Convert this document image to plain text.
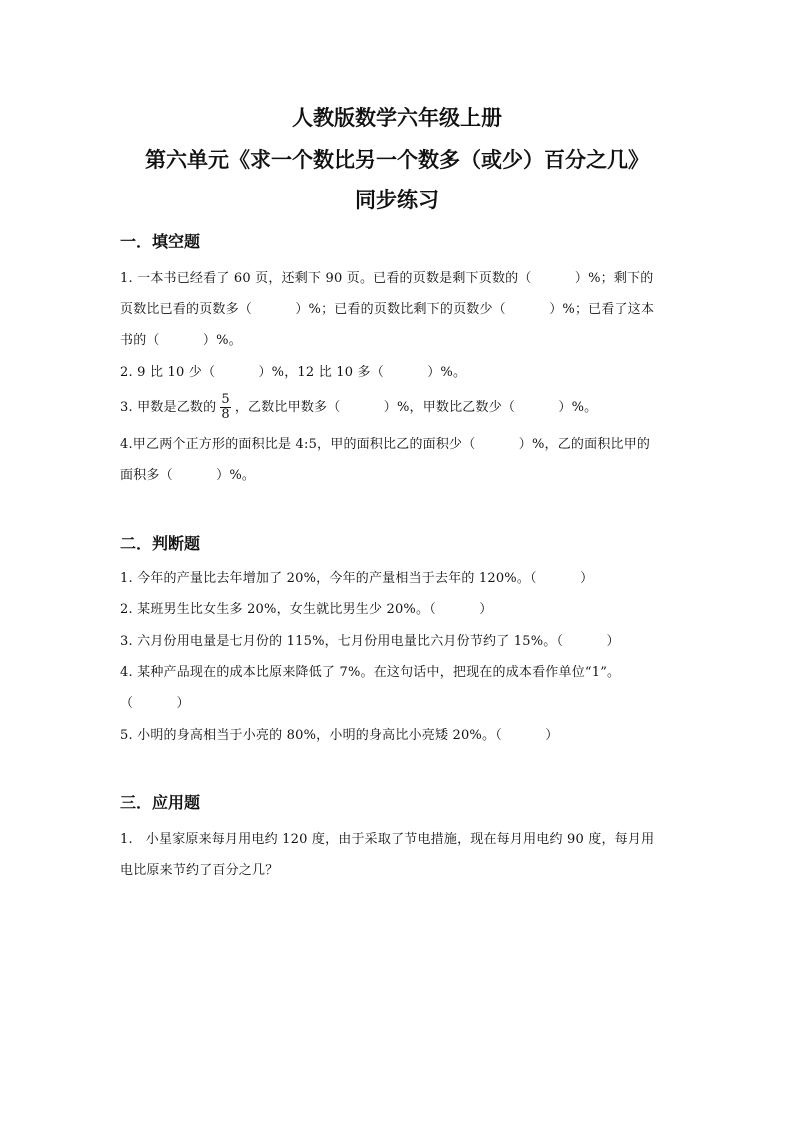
人教版数学六年级上册
第六单元《求一个数比另一个数多（或少）百分之几》
同步练习
一．填空题
1. 一本书已经看了 60 页，还剩下 90 页。已看的页数是剩下页数的（          ）%；剩下的
页数比已看的页数多（          ）%；已看的页数比剩下的页数少（          ）%；已看了这本
书的（          ）%。
2. 9 比 10 少（          ）%，12 比 10 多（          ）%。
3. 甲数是乙数的 $\frac{5}{8}$ ，乙数比甲数多（          ）%，甲数比乙数少（          ）%。
4.甲乙两个正方形的面积比是 4:5，甲的面积比乙的面积少（          ）%，乙的面积比甲的
面积多（          ）%。
二．判断题
1. 今年的产量比去年增加了 20%，今年的产量相当于去年的 120%。（          ）
2. 某班男生比女生多 20%，女生就比男生少 20%。（          ）
3. 六月份用电量是七月份的 115%，七月份用电量比六月份节约了 15%。（          ）
4. 某种产品现在的成本比原来降低了 7%。在这句话中，把现在的成本看作单位“1”。
（          ）
5. 小明的身高相当于小亮的 80%，小明的身高比小亮矮 20%。（          ）
三．应用题
1.   小星家原来每月用电约 120 度，由于采取了节电措施，现在每月用电约 90 度，每月用
电比原来节约了百分之几？
